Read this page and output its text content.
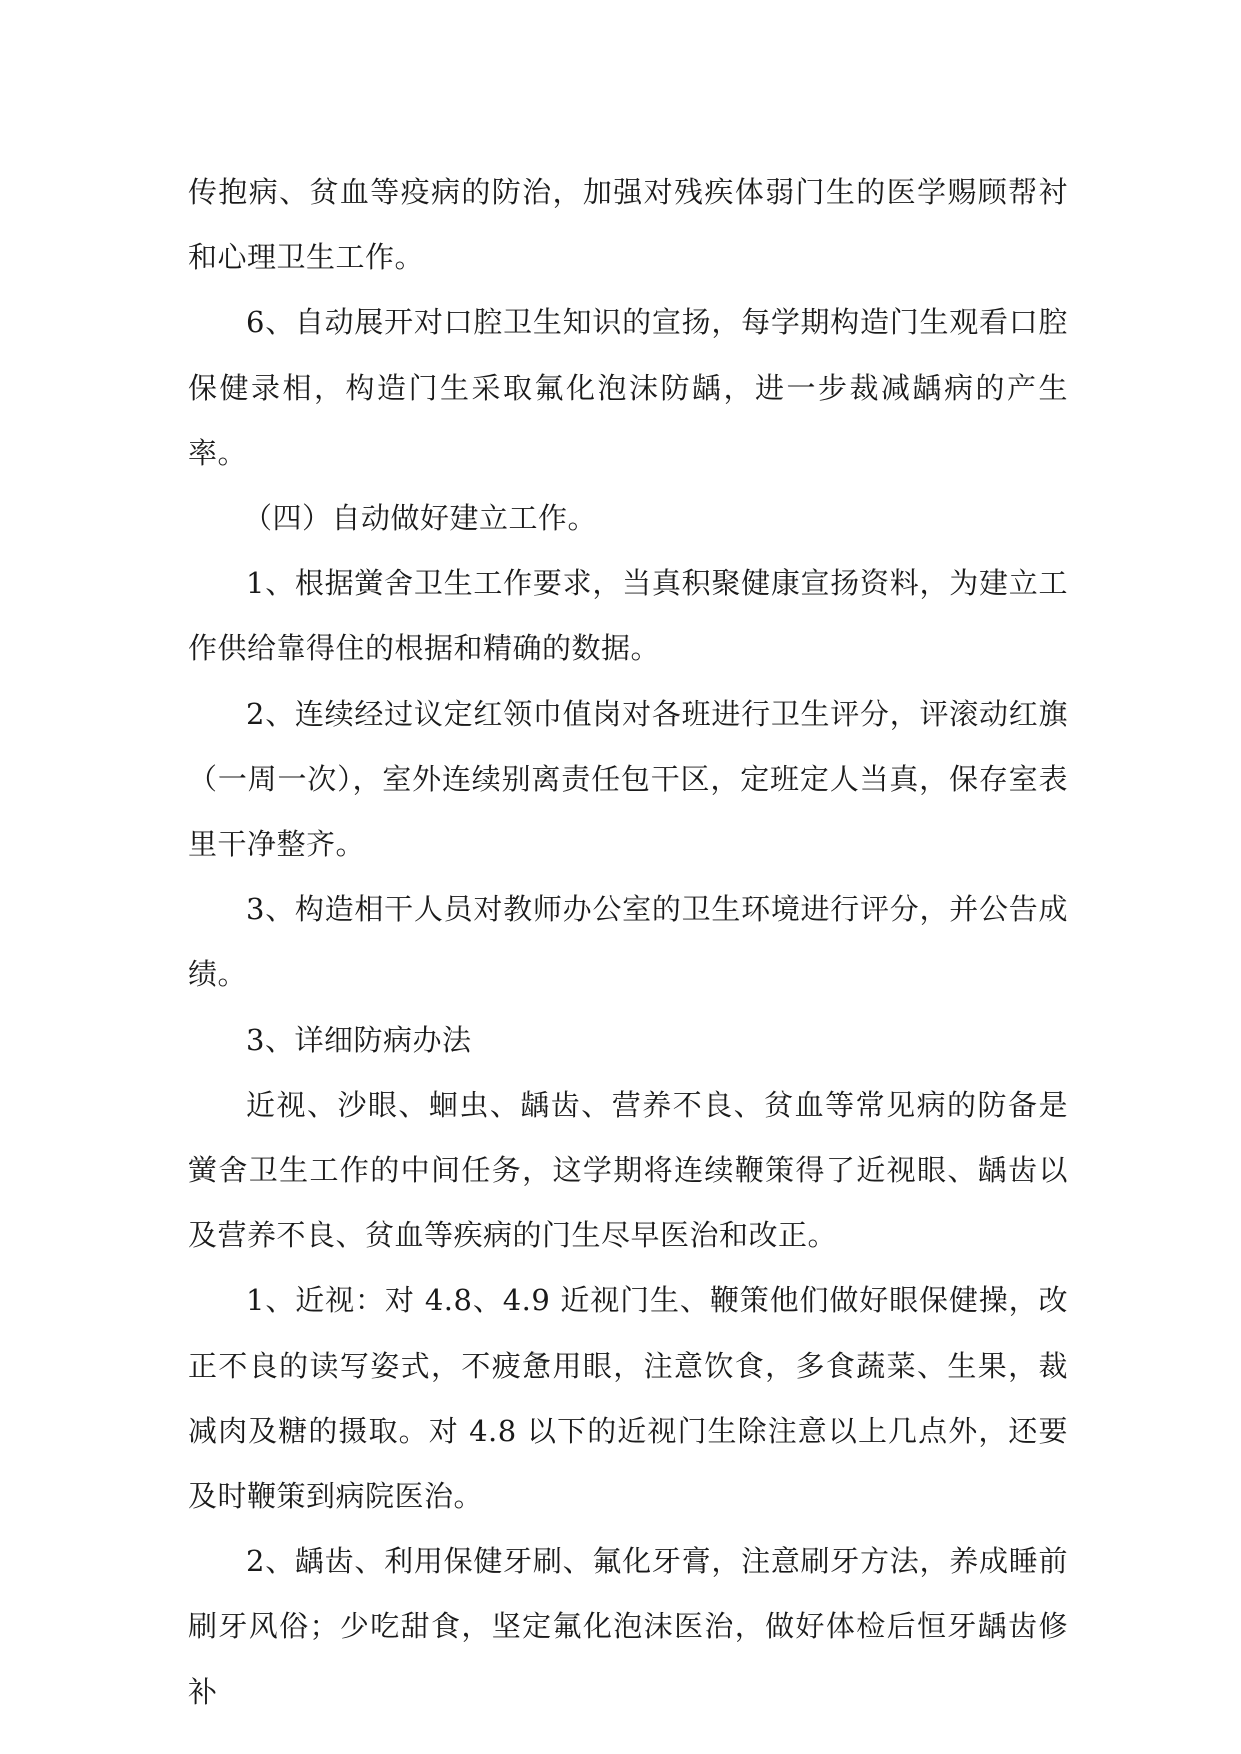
传抱病、贫血等疫病的防治，加强对残疾体弱门生的医学赐顾帮衬和心理卫生工作。

6、自动展开对口腔卫生知识的宣扬，每学期构造门生观看口腔保健录相，构造门生采取氟化泡沫防龋，进一步裁减龋病的产生率。

（四）自动做好建立工作。

1、根据黉舍卫生工作要求，当真积聚健康宣扬资料，为建立工作供给靠得住的根据和精确的数据。

2、连续经过议定红领巾值岗对各班进行卫生评分，评滚动红旗（一周一次），室外连续别离责任包干区，定班定人当真，保存室表里干净整齐。

3、构造相干人员对教师办公室的卫生环境进行评分，并公告成绩。

3、详细防病办法

近视、沙眼、蛔虫、龋齿、营养不良、贫血等常见病的防备是黉舍卫生工作的中间任务，这学期将连续鞭策得了近视眼、龋齿以及营养不良、贫血等疾病的门生尽早医治和改正。

1、近视：对 4.8、4.9 近视门生、鞭策他们做好眼保健操，改正不良的读写姿式，不疲惫用眼，注意饮食，多食蔬菜、生果，裁减肉及糖的摄取。对 4.8 以下的近视门生除注意以上几点外，还要及时鞭策到病院医治。

2、龋齿、利用保健牙刷、氟化牙膏，注意刷牙方法，养成睡前刷牙风俗；少吃甜食，坚定氟化泡沫医治，做好体检后恒牙龋齿修补
